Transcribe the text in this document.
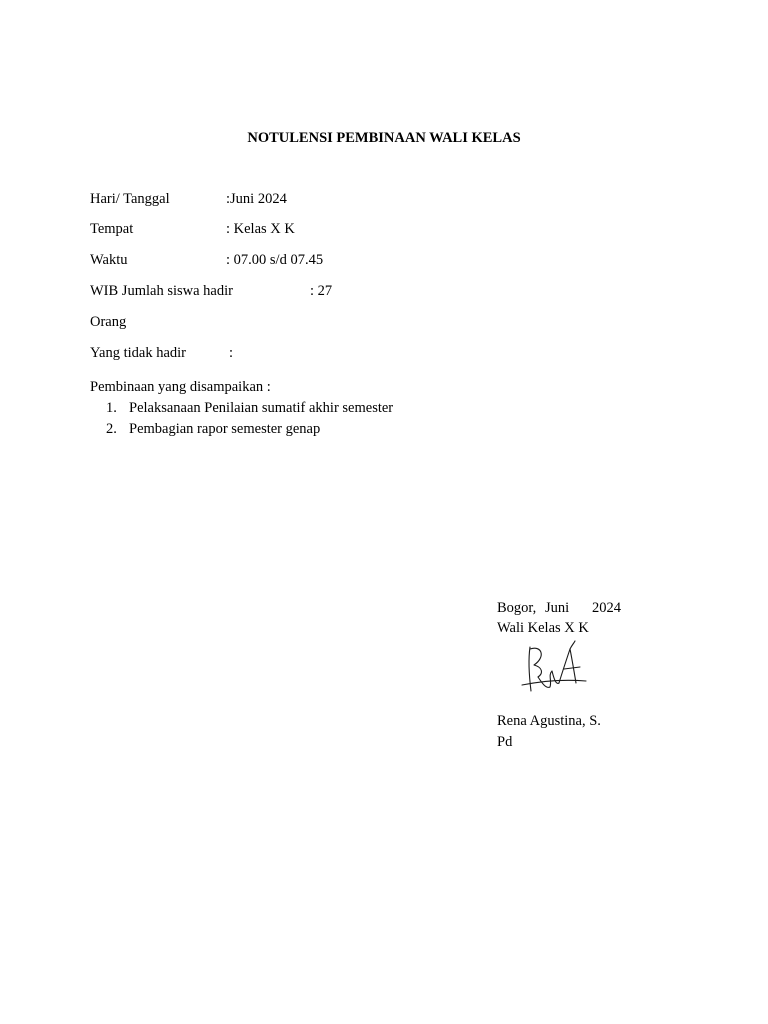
NOTULENSI PEMBINAAN WALI KELAS
Hari/ Tanggal	:Juni 2024
Tempat	: Kelas X K
Waktu	: 07.00 s/d 07.45
WIB Jumlah siswa hadir	: 27
Orang
Yang tidak hadir	:
Pembinaan yang disampaikan :
1. Pelaksanaan Penilaian sumatif akhir semester
2. Pembagian rapor semester genap
Bogor, Juni 2024
Wali Kelas X K
Rena Agustina, S.
Pd
